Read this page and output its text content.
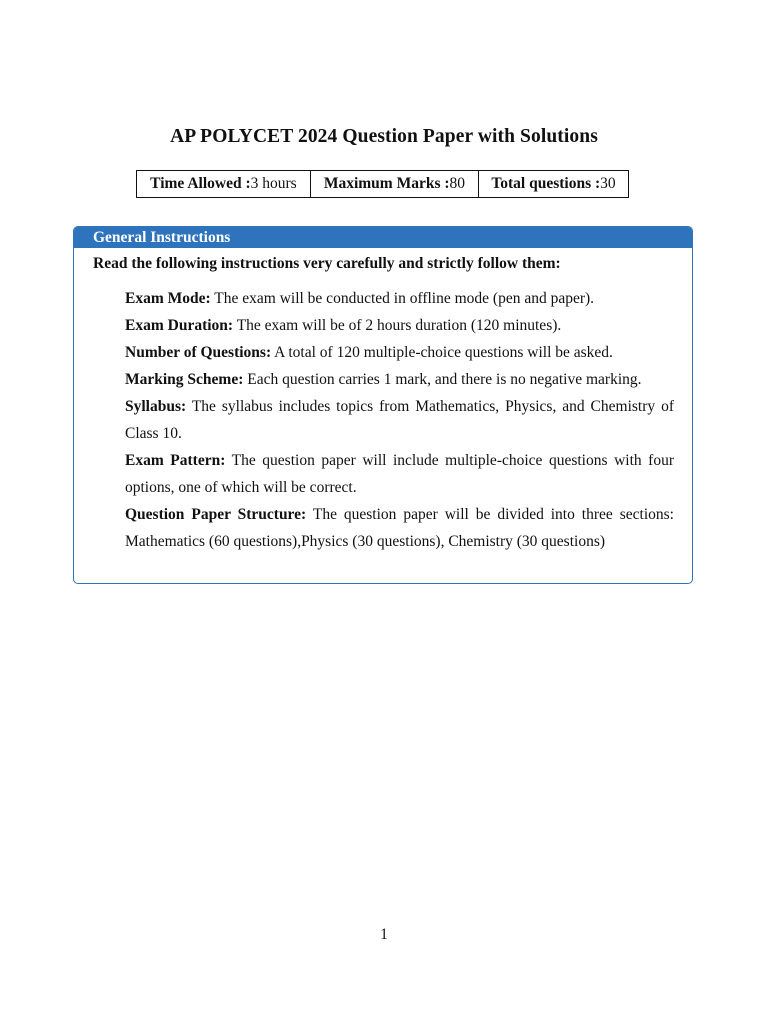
AP POLYCET 2024 Question Paper with Solutions
Time Allowed :3 hours	Maximum Marks :80	Total questions :30
General Instructions
Read the following instructions very carefully and strictly follow them:

Exam Mode: The exam will be conducted in offline mode (pen and paper).

Exam Duration: The exam will be of 2 hours duration (120 minutes).

Number of Questions: A total of 120 multiple-choice questions will be asked.

Marking Scheme: Each question carries 1 mark, and there is no negative marking.

Syllabus: The syllabus includes topics from Mathematics, Physics, and Chemistry of Class 10.

Exam Pattern: The question paper will include multiple-choice questions with four options, one of which will be correct.

Question Paper Structure: The question paper will be divided into three sections: Mathematics (60 questions),Physics (30 questions), Chemistry (30 questions)

1
